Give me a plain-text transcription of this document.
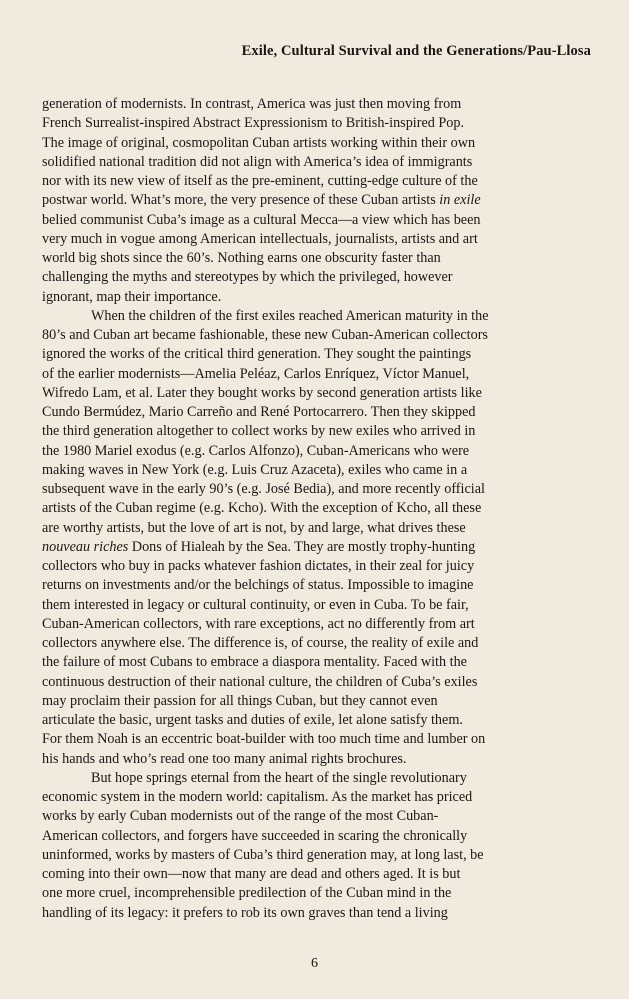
Exile, Cultural Survival and the Generations/Pau-Llosa
generation of modernists. In contrast, America was just then moving from
French Surrealist-inspired Abstract Expressionism to British-inspired Pop.
The image of original, cosmopolitan Cuban artists working within their own
solidified national tradition did not align with America’s idea of immigrants
nor with its new view of itself as the pre-eminent, cutting-edge culture of the
postwar world. What’s more, the very presence of these Cuban artists in exile
belied communist Cuba’s image as a cultural Mecca—a view which has been
very much in vogue among American intellectuals, journalists, artists and art
world big shots since the 60’s. Nothing earns one obscurity faster than
challenging the myths and stereotypes by which the privileged, however
ignorant, map their importance.
When the children of the first exiles reached American maturity in the
80’s and Cuban art became fashionable, these new Cuban-American collectors
ignored the works of the critical third generation. They sought the paintings
of the earlier modernists—Amelia Peléaz, Carlos Enríquez, Víctor Manuel,
Wifredo Lam, et al. Later they bought works by second generation artists like
Cundo Bermúdez, Mario Carreño and René Portocarrero. Then they skipped
the third generation altogether to collect works by new exiles who arrived in
the 1980 Mariel exodus (e.g. Carlos Alfonzo), Cuban-Americans who were
making waves in New York (e.g. Luis Cruz Azaceta), exiles who came in a
subsequent wave in the early 90’s (e.g. José Bedia), and more recently official
artists of the Cuban regime (e.g. Kcho). With the exception of Kcho, all these
are worthy artists, but the love of art is not, by and large, what drives these
nouveau riches Dons of Hialeah by the Sea. They are mostly trophy-hunting
collectors who buy in packs whatever fashion dictates, in their zeal for juicy
returns on investments and/or the belchings of status. Impossible to imagine
them interested in legacy or cultural continuity, or even in Cuba. To be fair,
Cuban-American collectors, with rare exceptions, act no differently from art
collectors anywhere else. The difference is, of course, the reality of exile and
the failure of most Cubans to embrace a diaspora mentality. Faced with the
continuous destruction of their national culture, the children of Cuba’s exiles
may proclaim their passion for all things Cuban, but they cannot even
articulate the basic, urgent tasks and duties of exile, let alone satisfy them.
For them Noah is an eccentric boat-builder with too much time and lumber on
his hands and who’s read one too many animal rights brochures.
But hope springs eternal from the heart of the single revolutionary
economic system in the modern world: capitalism. As the market has priced
works by early Cuban modernists out of the range of the most Cuban-
American collectors, and forgers have succeeded in scaring the chronically
uninformed, works by masters of Cuba’s third generation may, at long last, be
coming into their own—now that many are dead and others aged. It is but
one more cruel, incomprehensible predilection of the Cuban mind in the
handling of its legacy: it prefers to rob its own graves than tend a living
6
